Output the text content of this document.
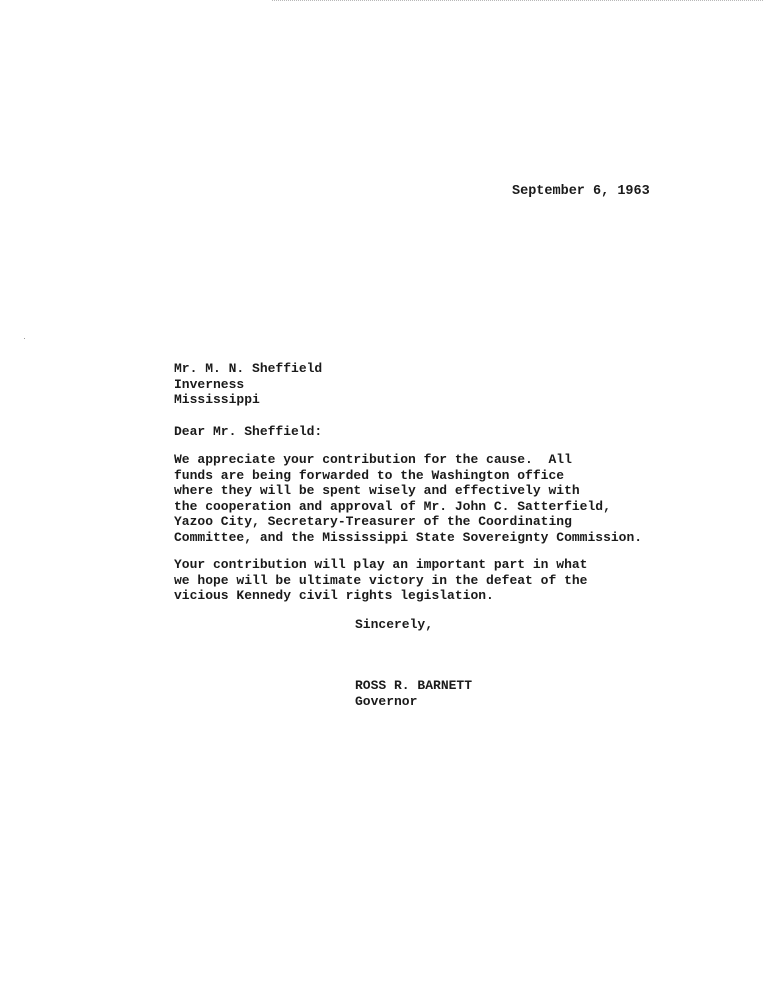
September 6, 1963
Mr. M. N. Sheffield
Inverness
Mississippi
Dear Mr. Sheffield:
We appreciate your contribution for the cause.  All
funds are being forwarded to the Washington office
where they will be spent wisely and effectively with
the cooperation and approval of Mr. John C. Satterfield,
Yazoo City, Secretary-Treasurer of the Coordinating
Committee, and the Mississippi State Sovereignty Commission.
Your contribution will play an important part in what
we hope will be ultimate victory in the defeat of the
vicious Kennedy civil rights legislation.
Sincerely,
ROSS R. BARNETT
Governor
